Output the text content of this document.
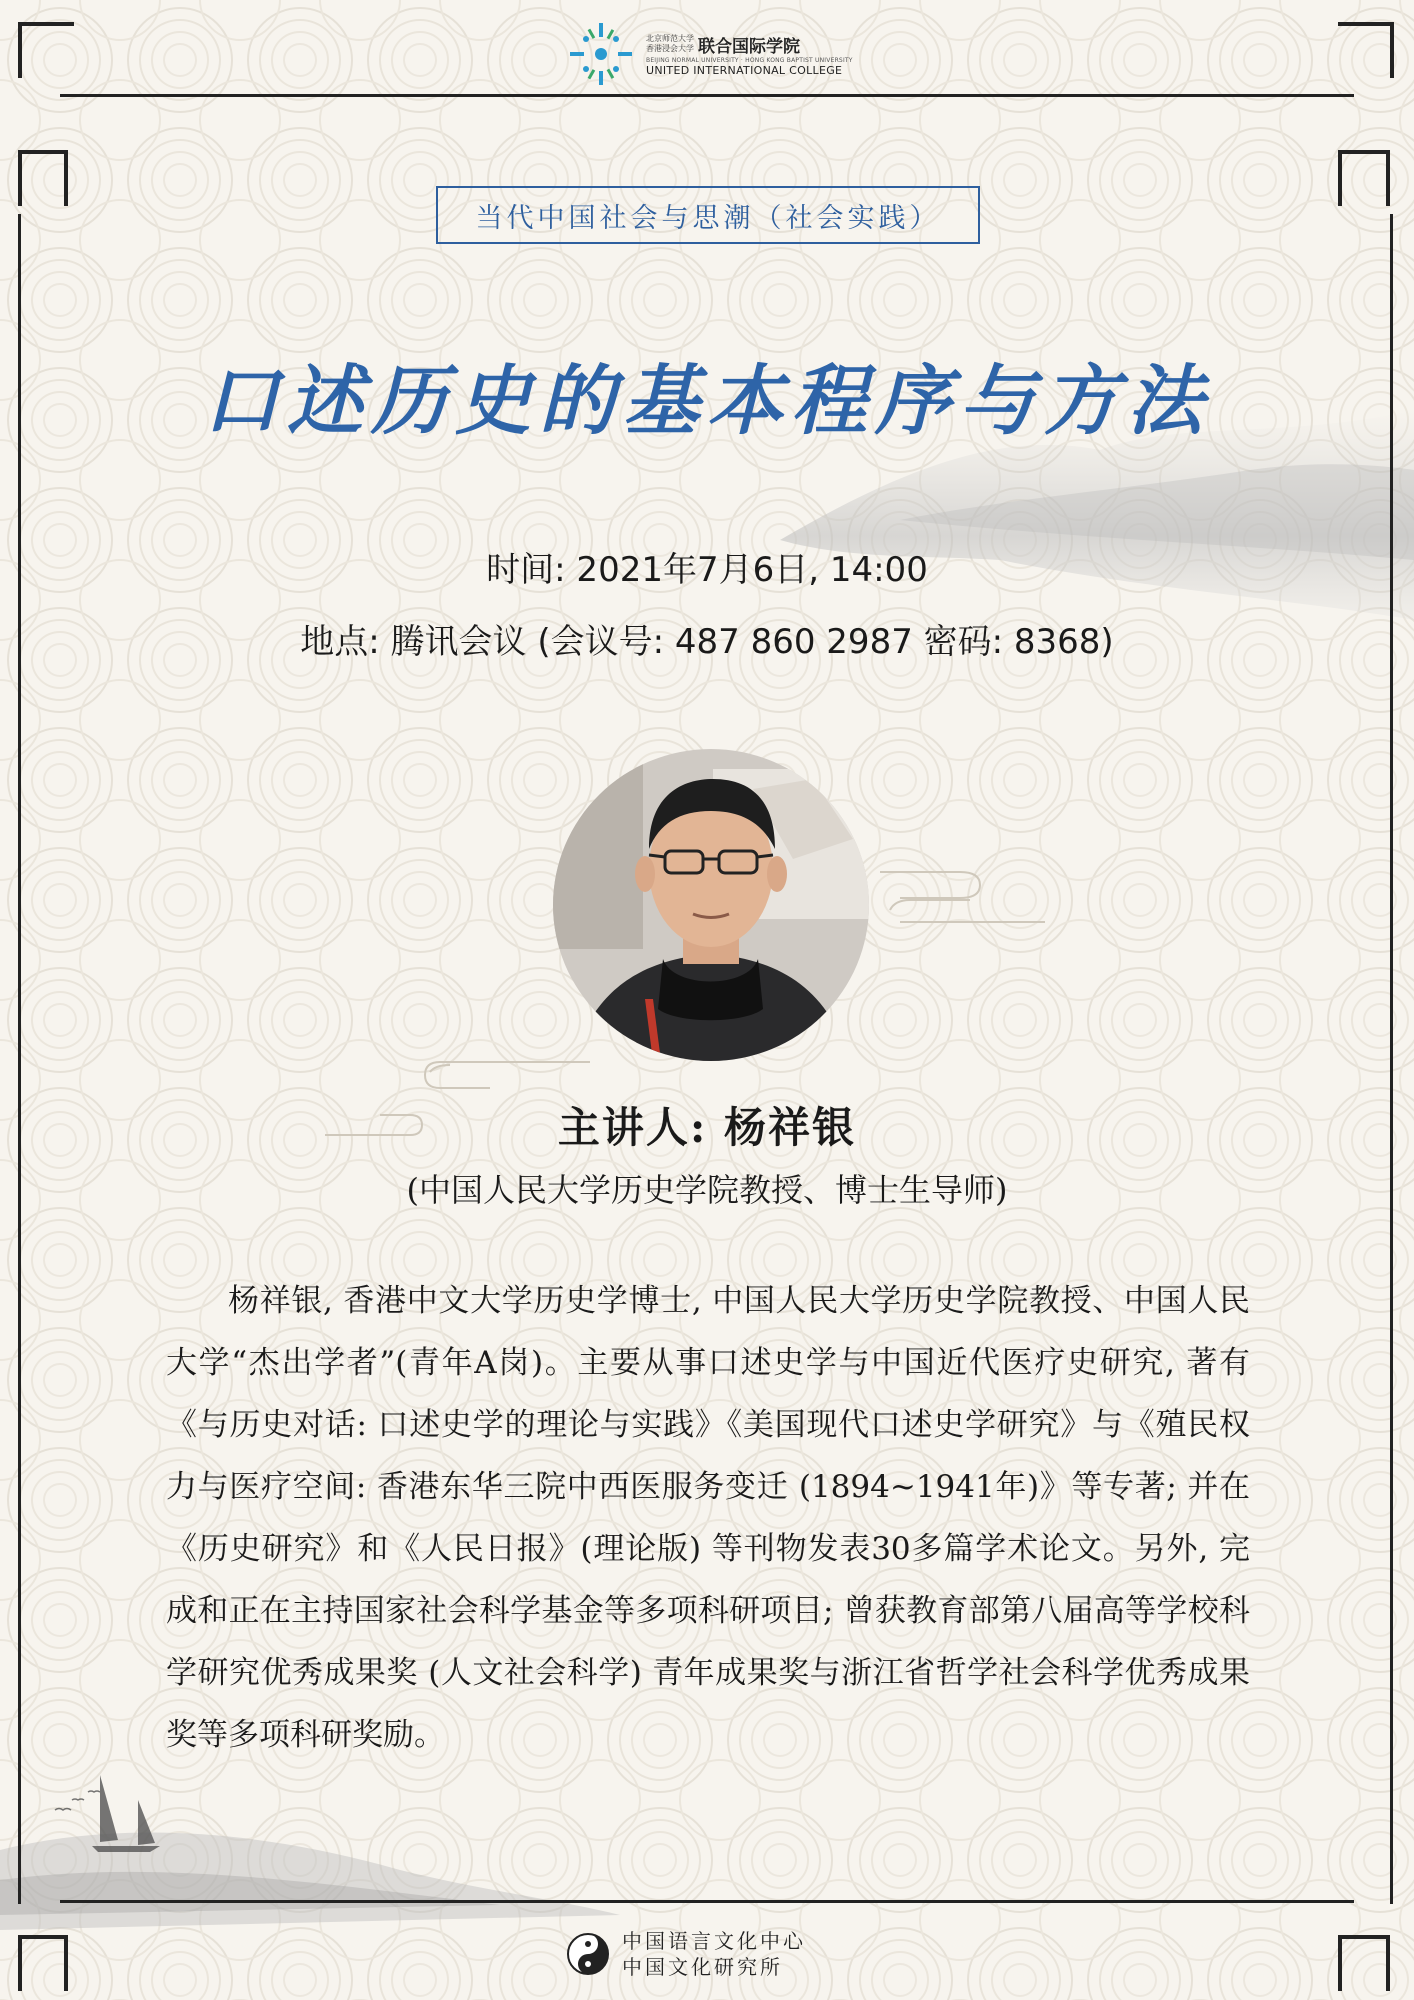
北京师范大学
香港浸会大学 联合国际学院
BEIJING NORMAL UNIVERSITY · HONG KONG BAPTIST UNIVERSITY
UNITED INTERNATIONAL COLLEGE
当代中国社会与思潮（社会实践）
口述历史的基本程序与方法
时间: 2021年7月6日, 14:00
地点: 腾讯会议 (会议号: 487 860 2987 密码: 8368)
主讲人: 杨祥银
(中国人民大学历史学院教授、博士生导师)
杨祥银, 香港中文大学历史学博士, 中国人民大学历史学院教授、中国人民大学“杰出学者”(青年A岗)。主要从事口述史学与中国近代医疗史研究, 著有《与历史对话: 口述史学的理论与实践》《美国现代口述史学研究》与《殖民权力与医疗空间: 香港东华三院中西医服务变迁 (1894~1941年)》等专著; 并在《历史研究》和《人民日报》(理论版) 等刊物发表30多篇学术论文。另外, 完成和正在主持国家社会科学基金等多项科研项目; 曾获教育部第八届高等学校科学研究优秀成果奖 (人文社会科学) 青年成果奖与浙江省哲学社会科学优秀成果奖等多项科研奖励。
中国语言文化中心
中国文化研究所
